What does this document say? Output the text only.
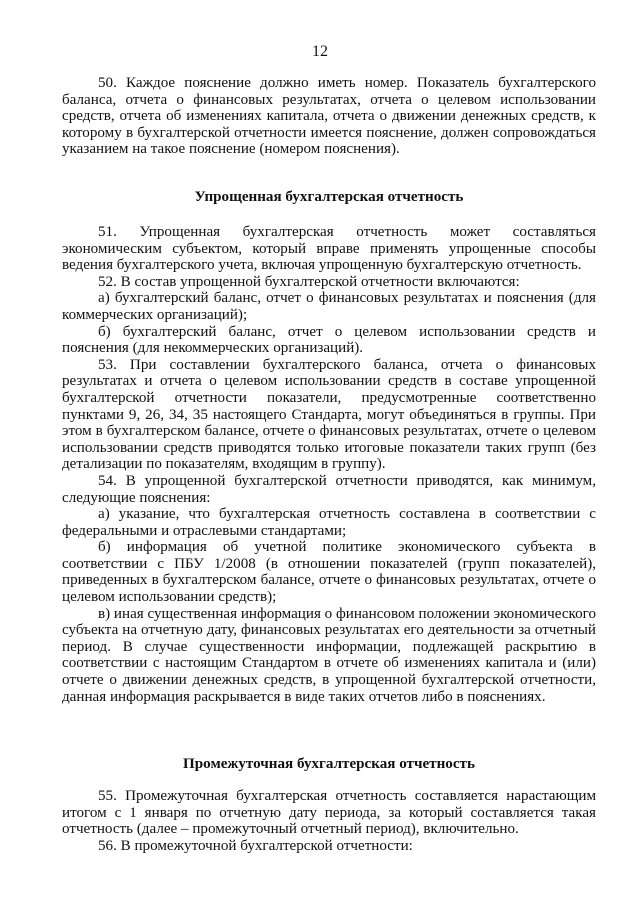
12

50. Каждое пояснение должно иметь номер. Показатель бухгалтерского баланса, отчета о финансовых результатах, отчета о целевом использовании средств, отчета об изменениях капитала, отчета о движении денежных средств, к которому в бухгалтерской отчетности имеется пояснение, должен сопровождаться указанием на такое пояснение (номером пояснения).

Упрощенная бухгалтерская отчетность

51. Упрощенная бухгалтерская отчетность может составляться экономическим субъектом, который вправе применять упрощенные способы ведения бухгалтерского учета, включая упрощенную бухгалтерскую отчетность.

52. В состав упрощенной бухгалтерской отчетности включаются:

а) бухгалтерский баланс, отчет о финансовых результатах и пояснения (для коммерческих организаций);

б) бухгалтерский баланс, отчет о целевом использовании средств и пояснения (для некоммерческих организаций).

53. При составлении бухгалтерского баланса, отчета о финансовых результатах и отчета о целевом использовании средств в составе упрощенной бухгалтерской отчетности показатели, предусмотренные соответственно пунктами 9, 26, 34, 35 настоящего Стандарта, могут объединяться в группы. При этом в бухгалтерском балансе, отчете о финансовых результатах, отчете о целевом использовании средств приводятся только итоговые показатели таких групп (без детализации по показателям, входящим в группу).

54. В упрощенной бухгалтерской отчетности приводятся, как минимум, следующие пояснения:

а) указание, что бухгалтерская отчетность составлена в соответствии с федеральными и отраслевыми стандартами;

б) информация об учетной политике экономического субъекта в соответствии с ПБУ 1/2008 (в отношении показателей (групп показателей), приведенных в бухгалтерском балансе, отчете о финансовых результатах, отчете о целевом использовании средств);

в) иная существенная информация о финансовом положении экономического субъекта на отчетную дату, финансовых результатах его деятельности за отчетный период. В случае существенности информации, подлежащей раскрытию в соответствии с настоящим Стандартом в отчете об изменениях капитала и (или) отчете о движении денежных средств, в упрощенной бухгалтерской отчетности, данная информация раскрывается в виде таких отчетов либо в пояснениях.

Промежуточная бухгалтерская отчетность

55. Промежуточная бухгалтерская отчетность составляется нарастающим итогом с 1 января по отчетную дату периода, за который составляется такая отчетность (далее – промежуточный отчетный период), включительно.

56. В промежуточной бухгалтерской отчетности:
